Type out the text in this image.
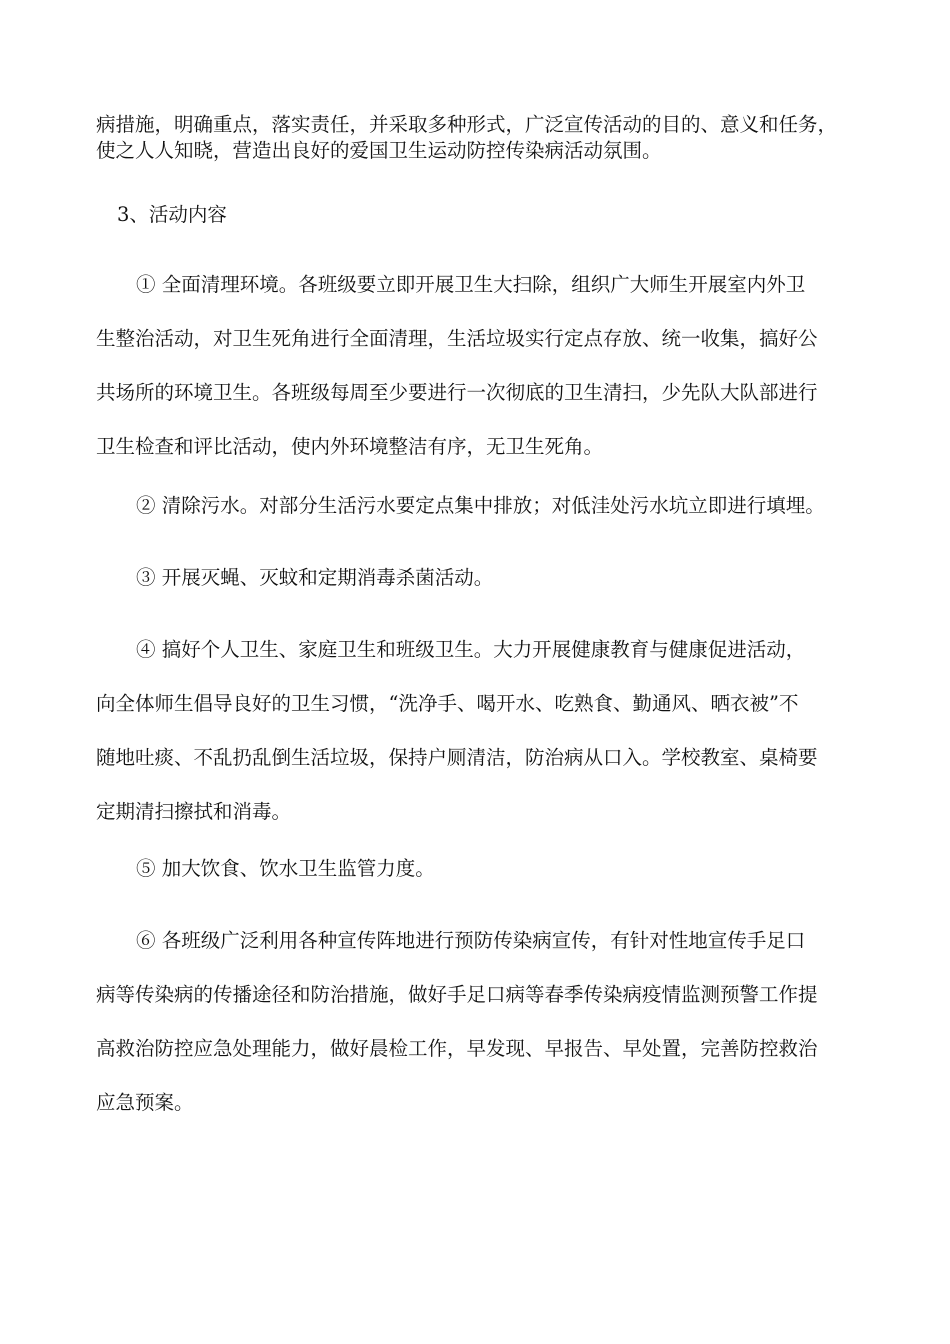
病措施，明确重点，落实责任，并采取多种形式，广泛宣传活动的目的、意义和任务，
使之人人知晓，营造出良好的爱国卫生运动防控传染病活动氛围。
3、活动内容
① 全面清理环境。各班级要立即开展卫生大扫除，组织广大师生开展室内外卫
生整治活动，对卫生死角进行全面清理，生活垃圾实行定点存放、统一收集，搞好公
共场所的环境卫生。各班级每周至少要进行一次彻底的卫生清扫，少先队大队部进行
卫生检查和评比活动，使内外环境整洁有序，无卫生死角。
② 清除污水。对部分生活污水要定点集中排放；对低洼处污水坑立即进行填埋。
③ 开展灭蝇、灭蚊和定期消毒杀菌活动。
④ 搞好个人卫生、家庭卫生和班级卫生。大力开展健康教育与健康促进活动，
向全体师生倡导良好的卫生习惯，“洗净手、喝开水、吃熟食、勤通风、晒衣被”不
随地吐痰、不乱扔乱倒生活垃圾，保持户厕清洁，防治病从口入。学校教室、桌椅要
定期清扫擦拭和消毒。
⑤ 加大饮食、饮水卫生监管力度。
⑥ 各班级广泛利用各种宣传阵地进行预防传染病宣传，有针对性地宣传手足口
病等传染病的传播途径和防治措施，做好手足口病等春季传染病疫情监测预警工作提
高救治防控应急处理能力，做好晨检工作，早发现、早报告、早处置，完善防控救治
应急预案。
